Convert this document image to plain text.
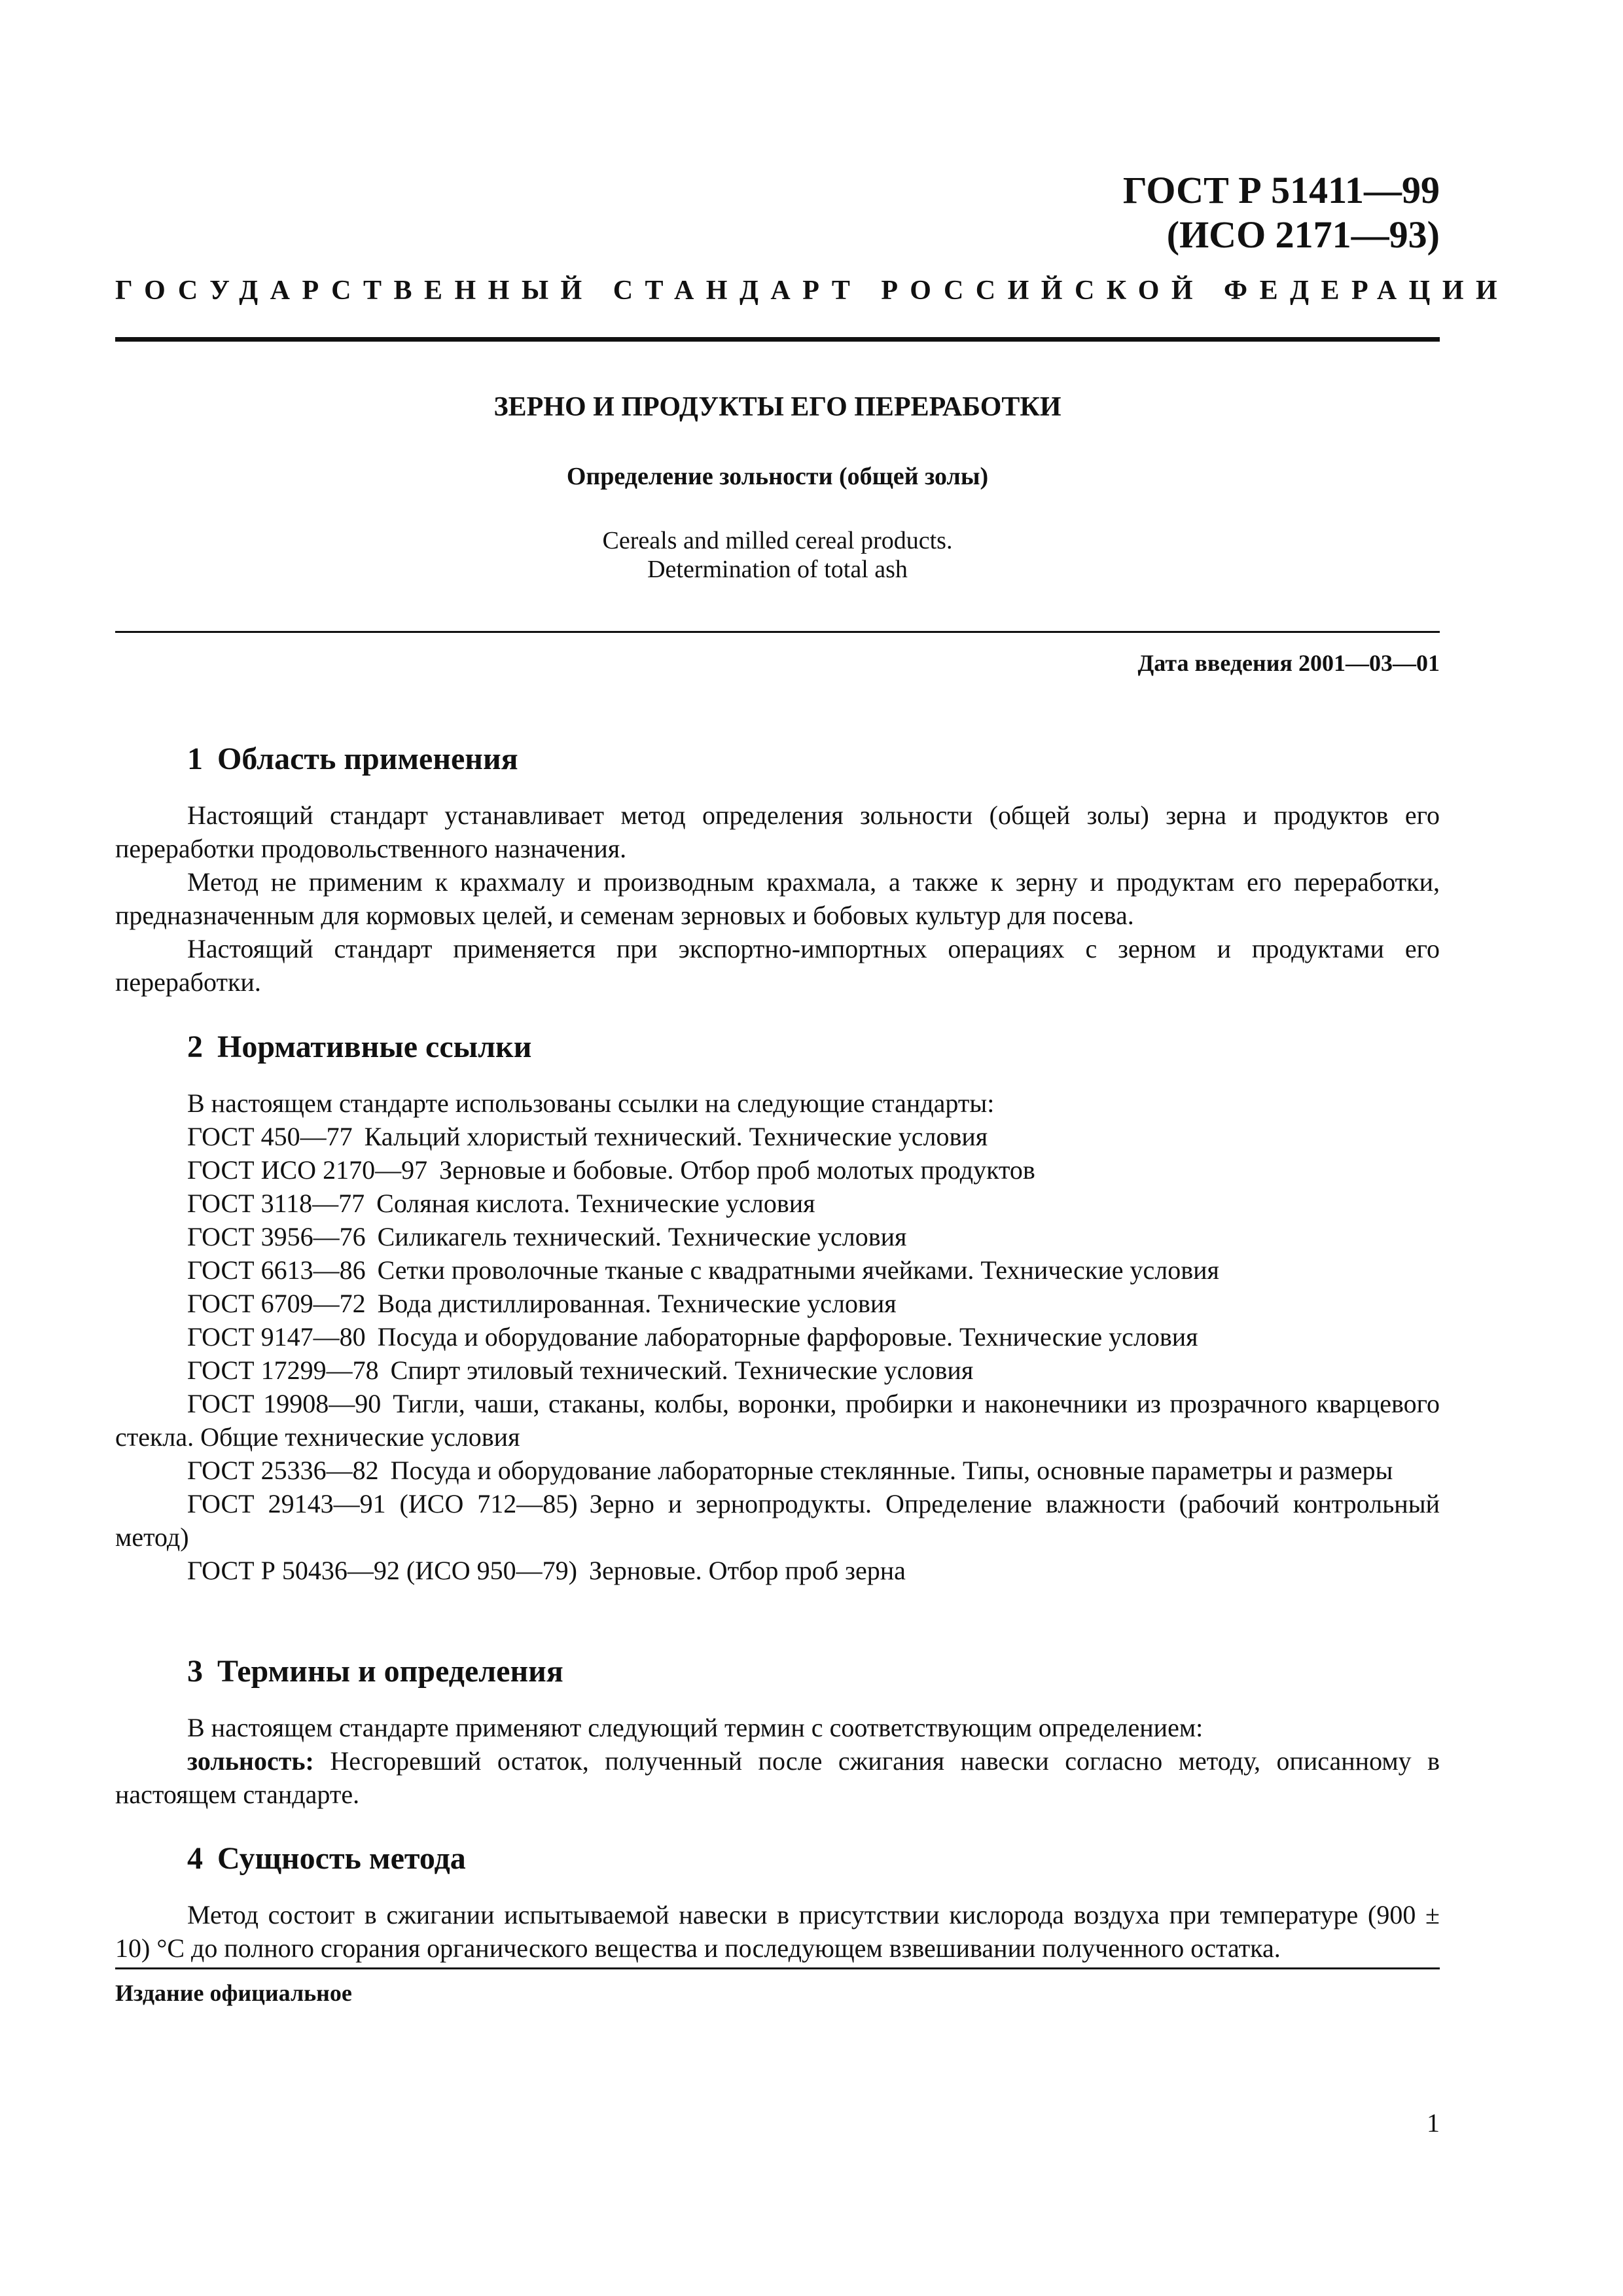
ГОСТ Р 51411—99
(ИСО 2171—93)
ГОСУДАРСТВЕННЫЙ СТАНДАРТ РОССИЙСКОЙ ФЕДЕРАЦИИ
ЗЕРНО И ПРОДУКТЫ ЕГО ПЕРЕРАБОТКИ
Определение зольности (общей золы)
Cereals and milled cereal products.
Determination of total ash
Дата введения 2001—03—01
1 Область применения

Настоящий стандарт устанавливает метод определения зольности (общей золы) зерна и продуктов его переработки продовольственного назначения.

Метод не применим к крахмалу и производным крахмала, а также к зерну и продуктам его переработки, предназначенным для кормовых целей, и семенам зерновых и бобовых культур для посева.

Настоящий стандарт применяется при экспортно-импортных операциях с зерном и продуктами его переработки.

2 Нормативные ссылки

В настоящем стандарте использованы ссылки на следующие стандарты:

ГОСТ 450—77 Кальций хлористый технический. Технические условия
ГОСТ ИСО 2170—97 Зерновые и бобовые. Отбор проб молотых продуктов
ГОСТ 3118—77 Соляная кислота. Технические условия
ГОСТ 3956—76 Силикагель технический. Технические условия
ГОСТ 6613—86 Сетки проволочные тканые с квадратными ячейками. Технические условия
ГОСТ 6709—72 Вода дистиллированная. Технические условия
ГОСТ 9147—80 Посуда и оборудование лабораторные фарфоровые. Технические условия
ГОСТ 17299—78 Спирт этиловый технический. Технические условия
ГОСТ 19908—90 Тигли, чаши, стаканы, колбы, воронки, пробирки и наконечники из прозрачного кварцевого стекла. Общие технические условия
ГОСТ 25336—82 Посуда и оборудование лабораторные стеклянные. Типы, основные параметры и размеры
ГОСТ 29143—91 (ИСО 712—85) Зерно и зернопродукты. Определение влажности (рабочий контрольный метод)
ГОСТ Р 50436—92 (ИСО 950—79) Зерновые. Отбор проб зерна
3 Термины и определения

В настоящем стандарте применяют следующий термин с соответствующим определением:

зольность: Несгоревший остаток, полученный после сжигания навески согласно методу, описанному в настоящем стандарте.

4 Сущность метода

Метод состоит в сжигании испытываемой навески в присутствии кислорода воздуха при температуре (900 ± 10) °С до полного сгорания органического вещества и последующем взвешивании полученного остатка.

Издание официальное
1
